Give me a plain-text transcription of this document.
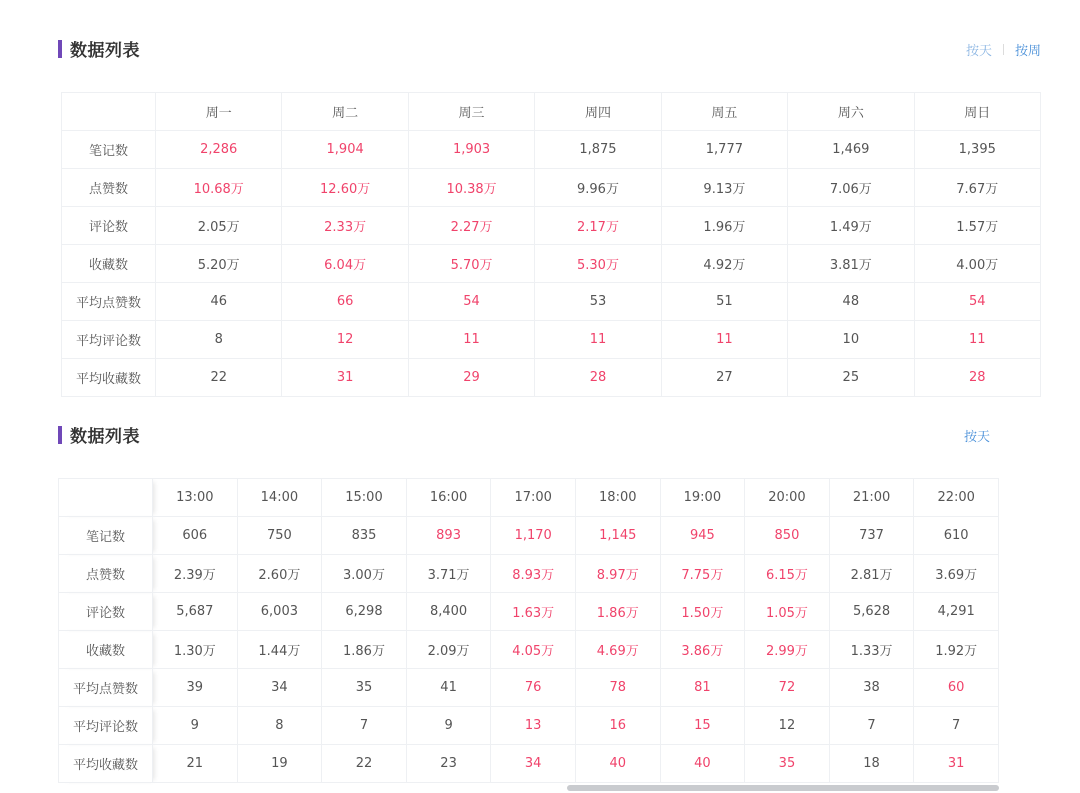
数据列表	按天 按周
	周一	周二	周三	周四	周五	周六	周日
笔记数	2,286	1,904	1,903	1,875	1,777	1,469	1,395
点赞数	10.68万	12.60万	10.38万	9.96万	9.13万	7.06万	7.67万
评论数	2.05万	2.33万	2.27万	2.17万	1.96万	1.49万	1.57万
收藏数	5.20万	6.04万	5.70万	5.30万	4.92万	3.81万	4.00万
平均点赞数	46	66	54	53	51	48	54
平均评论数	8	12	11	11	11	10	11
平均收藏数	22	31	29	28	27	25	28
数据列表	按天
	13:00	14:00	15:00	16:00	17:00	18:00	19:00	20:00	21:00	22:00
笔记数	606	750	835	893	1,170	1,145	945	850	737	610
点赞数	2.39万	2.60万	3.00万	3.71万	8.93万	8.97万	7.75万	6.15万	2.81万	3.69万
评论数	5,687	6,003	6,298	8,400	1.63万	1.86万	1.50万	1.05万	5,628	4,291
收藏数	1.30万	1.44万	1.86万	2.09万	4.05万	4.69万	3.86万	2.99万	1.33万	1.92万
平均点赞数	39	34	35	41	76	78	81	72	38	60
平均评论数	9	8	7	9	13	16	15	12	7	7
平均收藏数	21	19	22	23	34	40	40	35	18	31
